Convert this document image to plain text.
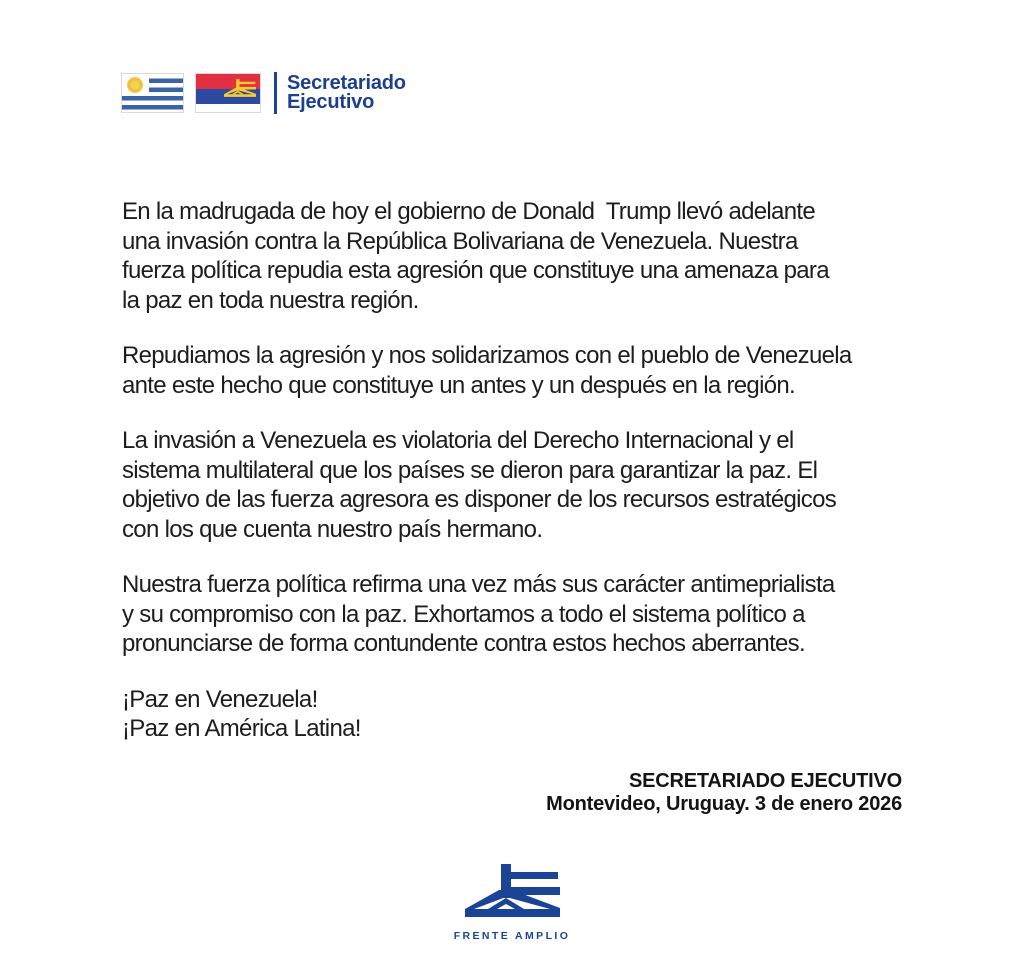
Secretariado
Ejecutivo
En la madrugada de hoy el gobierno de Donald  Trump llevó adelante
una invasión contra la República Bolivariana de Venezuela. Nuestra
fuerza política repudia esta agresión que constituye una amenaza para
la paz en toda nuestra región.
Repudiamos la agresión y nos solidarizamos con el pueblo de Venezuela
ante este hecho que constituye un antes y un después en la región.
La invasión a Venezuela es violatoria del Derecho Internacional y el
sistema multilateral que los países se dieron para garantizar la paz. El
objetivo de las fuerza agresora es disponer de los recursos estratégicos
con los que cuenta nuestro país hermano.
Nuestra fuerza política refirma una vez más sus carácter antimeprialista
y su compromiso con la paz. Exhortamos a todo el sistema político a
pronunciarse de forma contundente contra estos hechos aberrantes.
¡Paz en Venezuela!
¡Paz en América Latina!
SECRETARIADO EJECUTIVO
Montevideo, Uruguay. 3 de enero 2026
FRENTE AMPLIO
